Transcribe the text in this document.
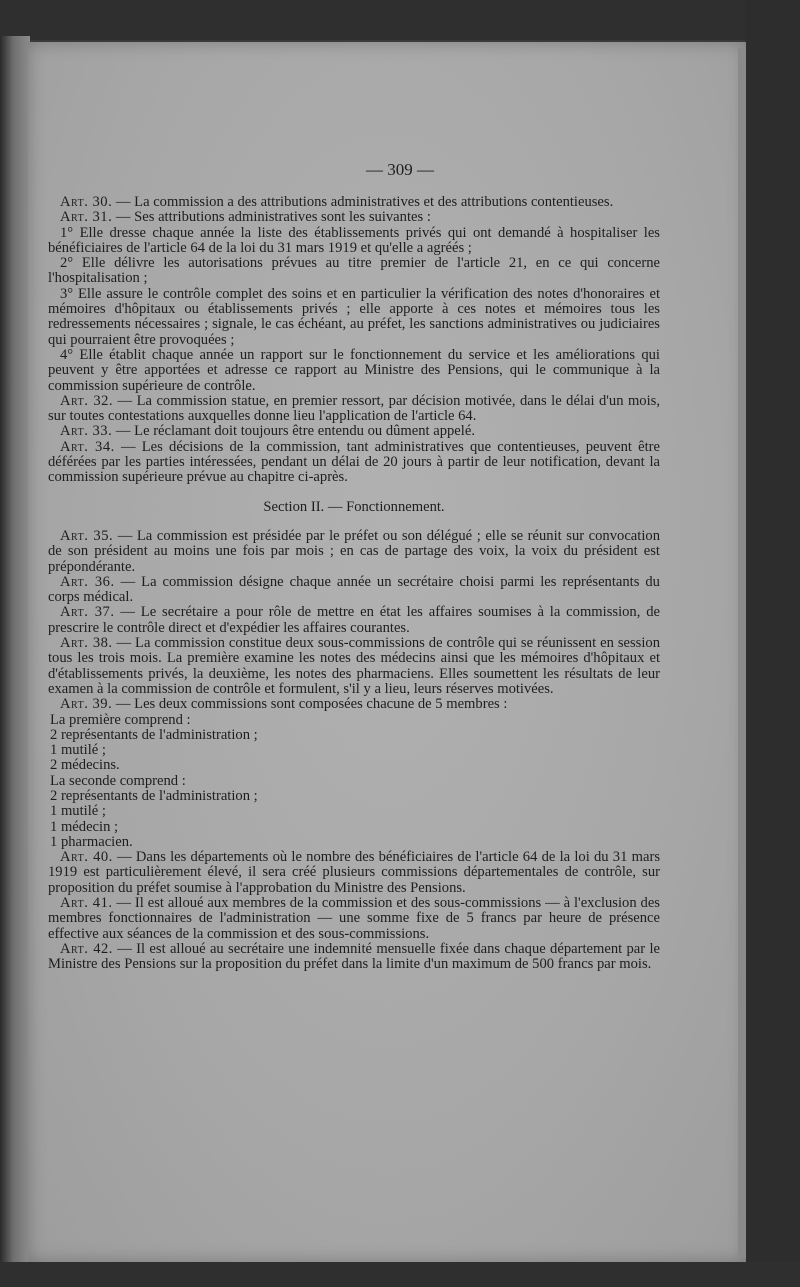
— 309 —

Art. 30. — La commission a des attributions administratives et des attributions contentieuses.

Art. 31. — Ses attributions administratives sont les suivantes :

1° Elle dresse chaque année la liste des établissements privés qui ont demandé à hospitaliser les bénéficiaires de l'article 64 de la loi du 31 mars 1919 et qu'elle a agréés ;

2° Elle délivre les autorisations prévues au titre premier de l'article 21, en ce qui concerne l'hospitalisation ;

3° Elle assure le contrôle complet des soins et en particulier la vérification des notes d'honoraires et mémoires d'hôpitaux ou établissements privés ; elle apporte à ces notes et mémoires tous les redressements nécessaires ; signale, le cas échéant, au préfet, les sanctions administratives ou judiciaires qui pourraient être provoquées ;

4° Elle établit chaque année un rapport sur le fonctionnement du service et les améliorations qui peuvent y être apportées et adresse ce rapport au Ministre des Pensions, qui le communique à la commission supérieure de contrôle.

Art. 32. — La commission statue, en premier ressort, par décision motivée, dans le délai d'un mois, sur toutes contestations auxquelles donne lieu l'application de l'article 64.

Art. 33. — Le réclamant doit toujours être entendu ou dûment appelé.

Art. 34. — Les décisions de la commission, tant administratives que contentieuses, peuvent être déférées par les parties intéressées, pendant un délai de 20 jours à partir de leur notification, devant la commission supérieure prévue au chapitre ci-après.

Section II. — Fonctionnement.

Art. 35. — La commission est présidée par le préfet ou son délégué ; elle se réunit sur convocation de son président au moins une fois par mois ; en cas de partage des voix, la voix du président est prépondérante.

Art. 36. — La commission désigne chaque année un secrétaire choisi parmi les représentants du corps médical.

Art. 37. — Le secrétaire a pour rôle de mettre en état les affaires soumises à la commission, de prescrire le contrôle direct et d'expédier les affaires courantes.

Art. 38. — La commission constitue deux sous-commissions de contrôle qui se réunissent en session tous les trois mois. La première examine les notes des médecins ainsi que les mémoires d'hôpitaux et d'établissements privés, la deuxième, les notes des pharmaciens. Elles soumettent les résultats de leur examen à la commission de contrôle et formulent, s'il y a lieu, leurs réserves motivées.

Art. 39. — Les deux commissions sont composées chacune de 5 membres :

La première comprend :

2 représentants de l'administration ;

1 mutilé ;

2 médecins.

La seconde comprend :

2 représentants de l'administration ;

1 mutilé ;

1 médecin ;

1 pharmacien.

Art. 40. — Dans les départements où le nombre des bénéficiaires de l'article 64 de la loi du 31 mars 1919 est particulièrement élevé, il sera créé plusieurs commissions départementales de contrôle, sur proposition du préfet soumise à l'approbation du Ministre des Pensions.

Art. 41. — Il est alloué aux membres de la commission et des sous-commissions — à l'exclusion des membres fonctionnaires de l'administration — une somme fixe de 5 francs par heure de présence effective aux séances de la commission et des sous-commissions.

Art. 42. — Il est alloué au secrétaire une indemnité mensuelle fixée dans chaque département par le Ministre des Pensions sur la proposition du préfet dans la limite d'un maximum de 500 francs par mois.
